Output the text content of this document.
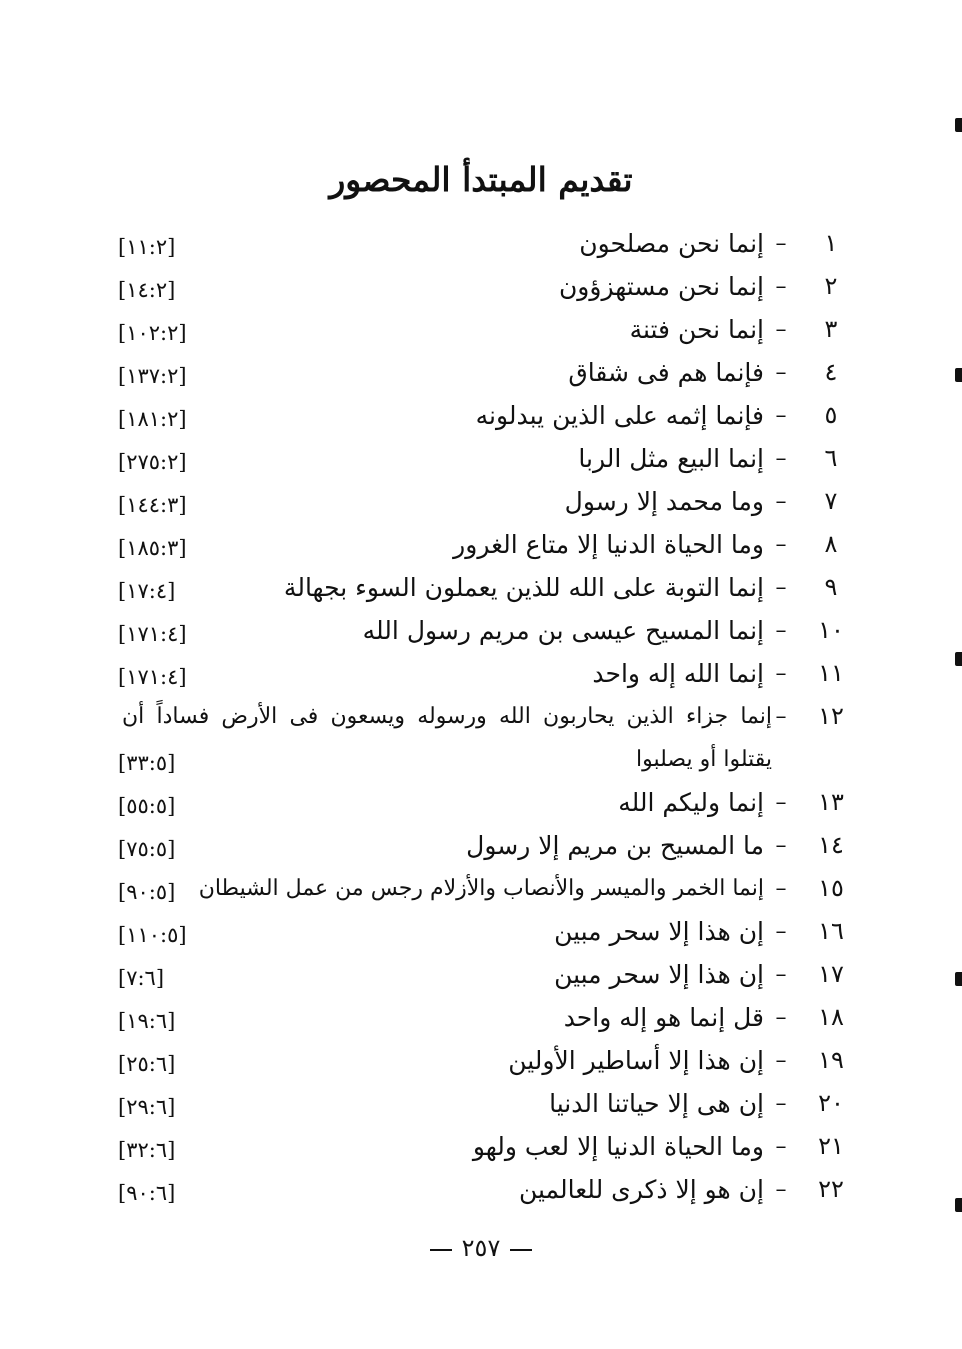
تقديم المبتدأ المحصور
١
–
إنما نحن مصلحون
[١١:٢]
٢
–
إنما نحن مستهزؤون
[١٤:٢]
٣
–
إنما نحن فتنة
[١٠٢:٢]
٤
–
فإنما هم فى شقاق
[١٣٧:٢]
٥
–
فإنما إثمه على الذين يبدلونه
[١٨١:٢]
٦
–
إنما البيع مثل الربا
[٢٧٥:٢]
٧
–
وما محمد إلا رسول
[١٤٤:٣]
٨
–
وما الحياة الدنيا إلا متاع الغرور
[١٨٥:٣]
٩
–
إنما التوبة على الله للذين يعملون السوء بجهالة
[١٧:٤]
١٠
–
إنما المسيح عيسى بن مريم رسول الله
[١٧١:٤]
١١
–
إنما الله إله واحد
[١٧١:٤]
١٢
–
إنما جزاء الذين يحاربون الله ورسوله ويسعون فى الأرض فساداً أن يقتلوا أو يصلبوا
[٣٣:٥]
١٣
–
إنما وليكم الله
[٥٥:٥]
١٤
–
ما المسيح بن مريم إلا رسول
[٧٥:٥]
١٥
–
إنما الخمر والميسر والأنصاب والأزلام رجس من عمل الشيطان
[٩٠:٥]
١٦
–
إن هذا إلا سحر مبين
[١١٠:٥]
١٧
–
إن هذا إلا سحر مبين
[٧:٦]
١٨
–
قل إنما هو إله واحد
[١٩:٦]
١٩
–
إن هذا إلا أساطير الأولين
[٢٥:٦]
٢٠
–
إن هى إلا حياتنا الدنيا
[٢٩:٦]
٢١
–
وما الحياة الدنيا إلا لعب ولهو
[٣٢:٦]
٢٢
–
إن هو إلا ذكرى للعالمين
[٩٠:٦]
٢٥٧
